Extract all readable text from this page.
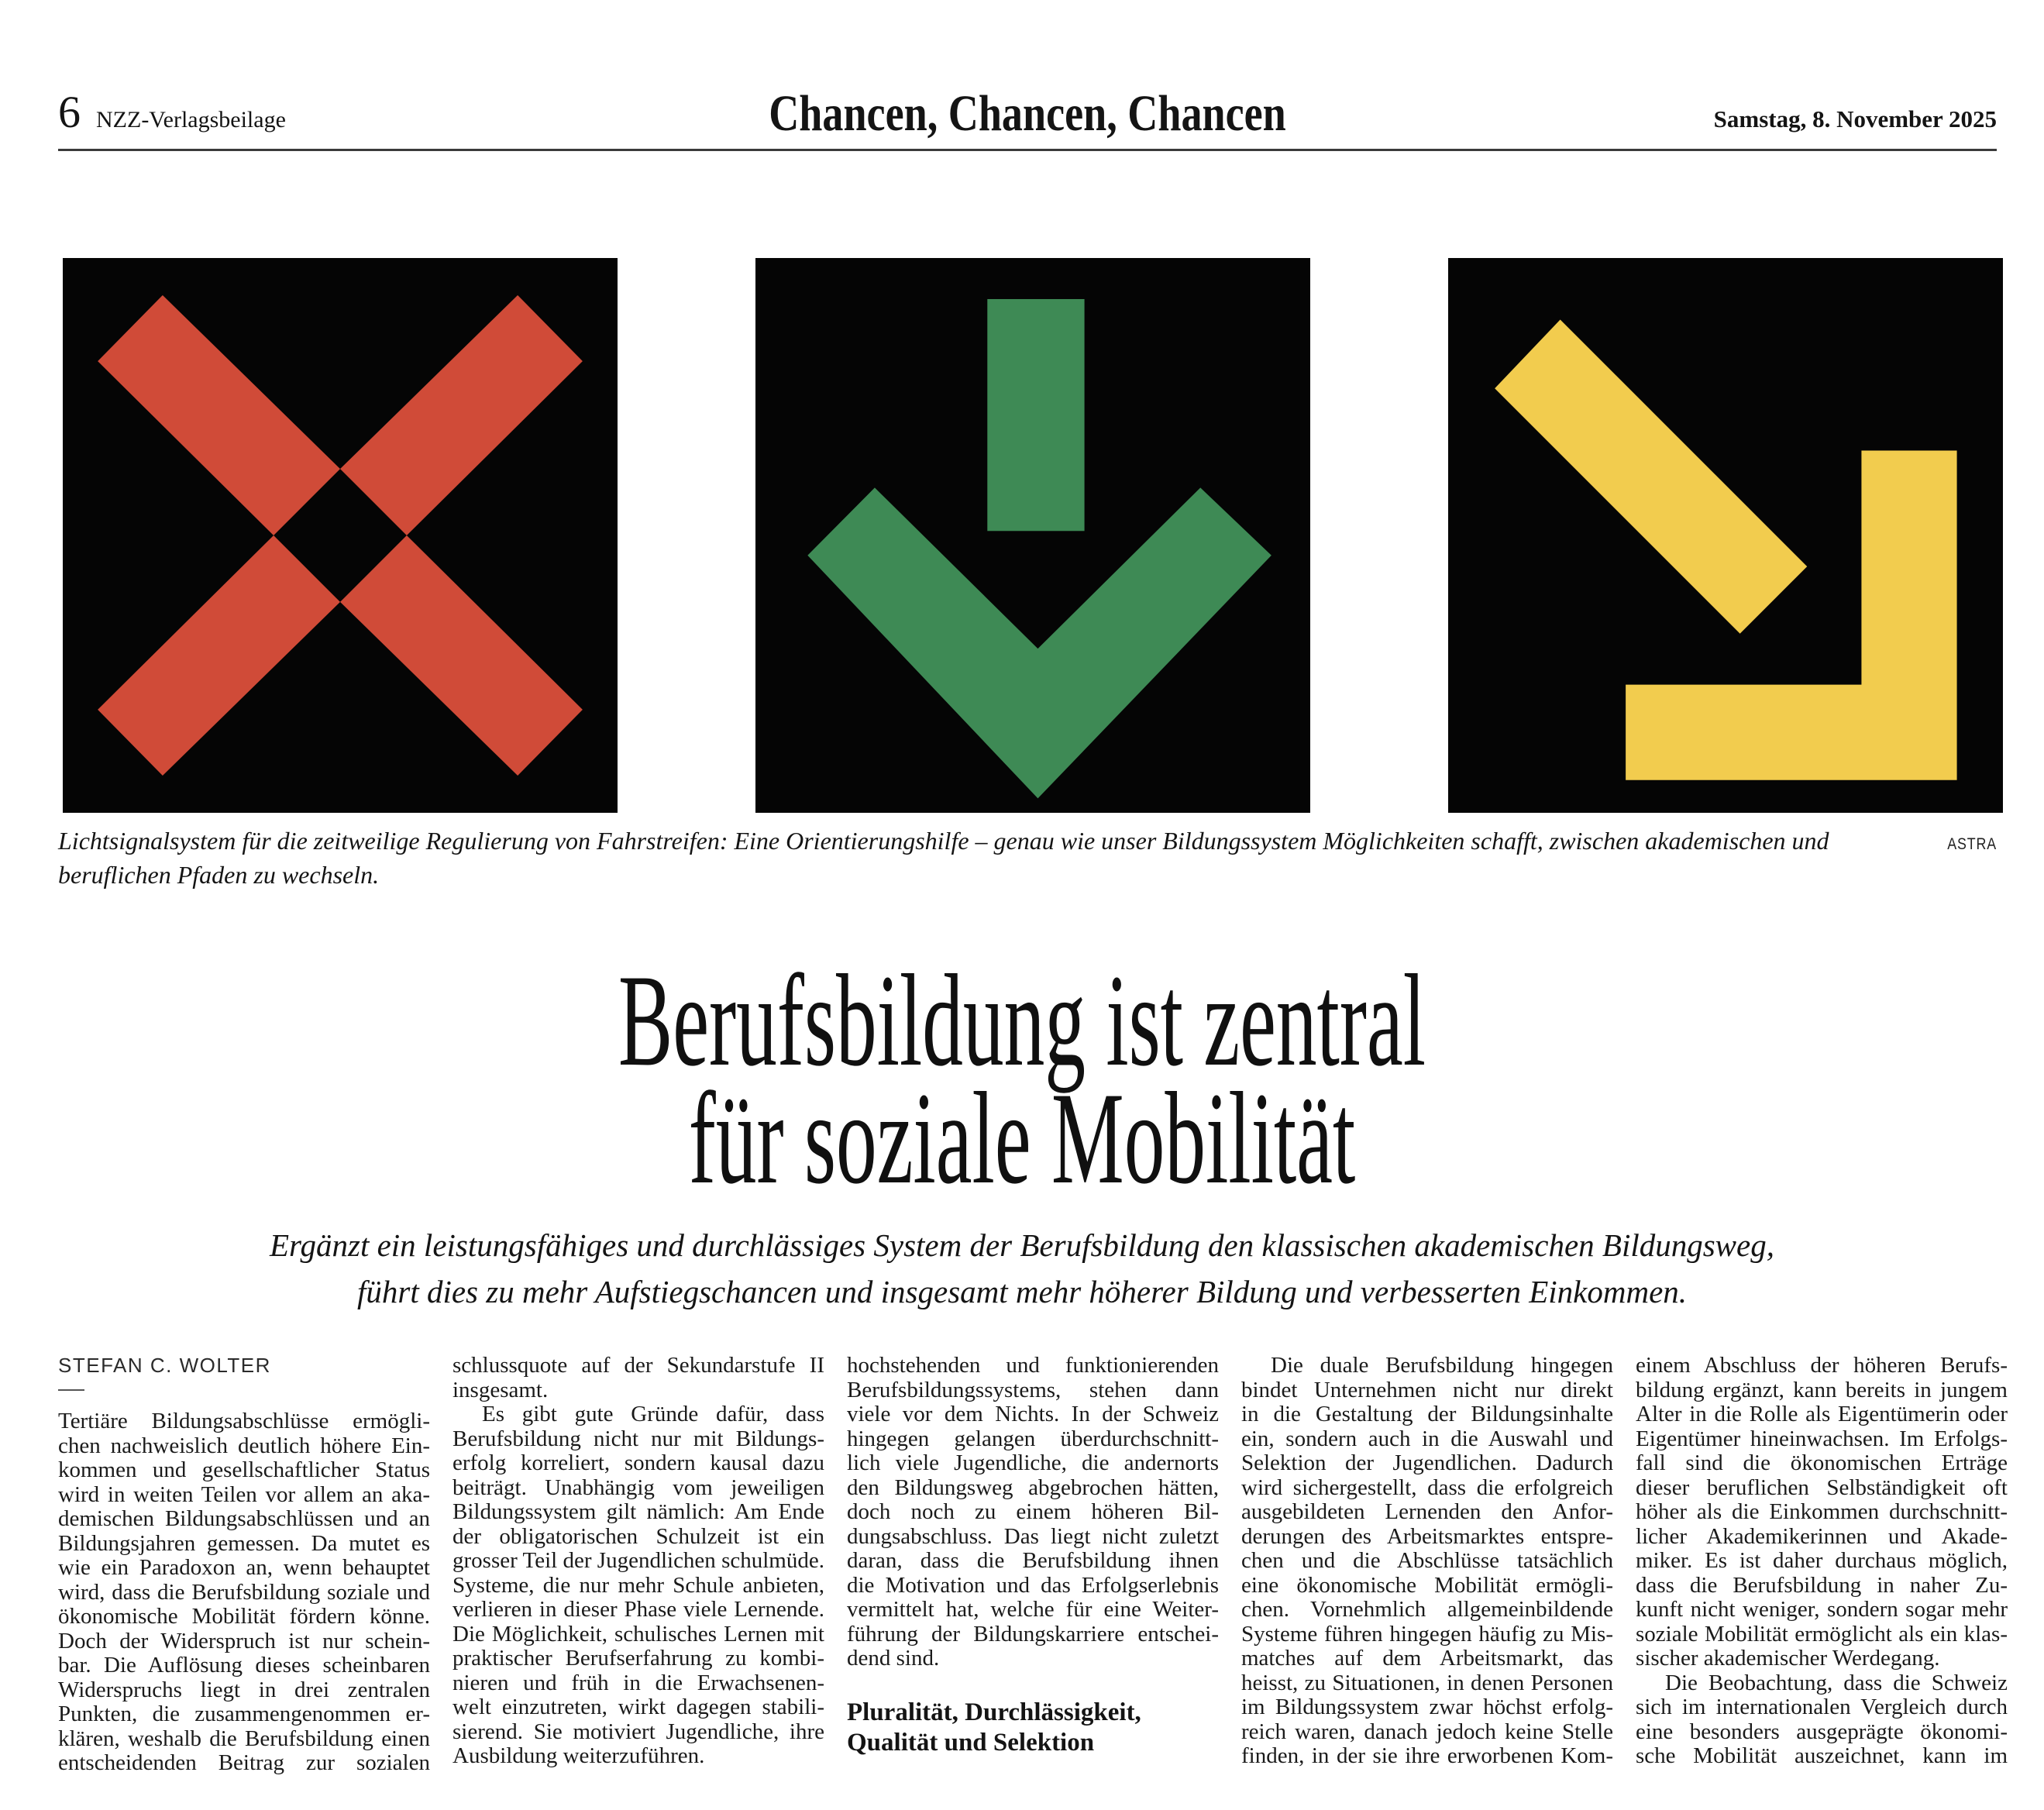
6 NZZ-Verlagsbeilage	Chancen, Chancen, Chancen	Samstag, 8. November 2025
Lichtsignalsystem für die zeitweilige Regulierung von Fahrstreifen: Eine Orientierungshilfe – genau wie unser Bildungssystem Möglichkeiten schafft, zwischen akademischen und beruflichen Pfaden zu wechseln.
ASTRA
Berufsbildung ist zentral
für soziale Mobilität
Ergänzt ein leistungsfähiges und durchlässiges System der Berufsbildung den klassischen akademischen Bildungsweg,
führt dies zu mehr Aufstiegschancen und insgesamt mehr höherer Bildung und verbesserten Einkommen.
STEFAN C. WOLTER
Tertiäre Bildungsabschlüsse ermögli-
chen nachweislich deutlich höhere Ein-
kommen und gesellschaftlicher Status
wird in weiten Teilen vor allem an aka-
demischen Bildungsabschlüssen und an
Bildungsjahren gemessen. Da mutet es
wie ein Paradoxon an, wenn behauptet
wird, dass die Berufsbildung soziale und
ökonomische Mobilität fördern könne.
Doch der Widerspruch ist nur schein-
bar. Die Auflösung dieses scheinbaren
Widerspruchs liegt in drei zentralen
Punkten, die zusammengenommen er-
klären, weshalb die Berufsbildung einen
entscheidenden Beitrag zur sozialen
schlussquote auf der Sekundarstufe II
insgesamt.
Es gibt gute Gründe dafür, dass
Berufsbildung nicht nur mit Bildungs-
erfolg korreliert, sondern kausal dazu
beiträgt. Unabhängig vom jeweiligen
Bildungssystem gilt nämlich: Am Ende
der obligatorischen Schulzeit ist ein
grosser Teil der Jugendlichen schulmüde.
Systeme, die nur mehr Schule anbieten,
verlieren in dieser Phase viele Lernende.
Die Möglichkeit, schulisches Lernen mit
praktischer Berufserfahrung zu kombi-
nieren und früh in die Erwachsenen-
welt einzutreten, wirkt dagegen stabili-
sierend. Sie motiviert Jugendliche, ihre
Ausbildung weiterzuführen.
hochstehenden und funktionierenden
Berufsbildungssystems, stehen dann
viele vor dem Nichts. In der Schweiz
hingegen gelangen überdurchschnitt-
lich viele Jugendliche, die andernorts
den Bildungsweg abgebrochen hätten,
doch noch zu einem höheren Bil-
dungsabschluss. Das liegt nicht zuletzt
daran, dass die Berufsbildung ihnen
die Motivation und das Erfolgserlebnis
vermittelt hat, welche für eine Weiter-
führung der Bildungskarriere entschei-
dend sind.
Pluralität, Durchlässigkeit,
Qualität und Selektion
Die duale Berufsbildung hingegen
bindet Unternehmen nicht nur direkt
in die Gestaltung der Bildungsinhalte
ein, sondern auch in die Auswahl und
Selektion der Jugendlichen. Dadurch
wird sichergestellt, dass die erfolgreich
ausgebildeten Lernenden den Anfor-
derungen des Arbeitsmarktes entspre-
chen und die Abschlüsse tatsächlich
eine ökonomische Mobilität ermögli-
chen. Vornehmlich allgemeinbildende
Systeme führen hingegen häufig zu Mis-
matches auf dem Arbeitsmarkt, das
heisst, zu Situationen, in denen Personen
im Bildungssystem zwar höchst erfolg-
reich waren, danach jedoch keine Stelle
finden, in der sie ihre erworbenen Kom-
einem Abschluss der höheren Berufs-
bildung ergänzt, kann bereits in jungem
Alter in die Rolle als Eigentümerin oder
Eigentümer hineinwachsen. Im Erfolgs-
fall sind die ökonomischen Erträge
dieser beruflichen Selbständigkeit oft
höher als die Einkommen durchschnitt-
licher Akademikerinnen und Akade-
miker. Es ist daher durchaus möglich,
dass die Berufsbildung in naher Zu-
kunft nicht weniger, sondern sogar mehr
soziale Mobilität ermöglicht als ein klas-
sischer akademischer Werdegang.
Die Beobachtung, dass die Schweiz
sich im internationalen Vergleich durch
eine besonders ausgeprägte ökonomi-
sche Mobilität auszeichnet, kann im
